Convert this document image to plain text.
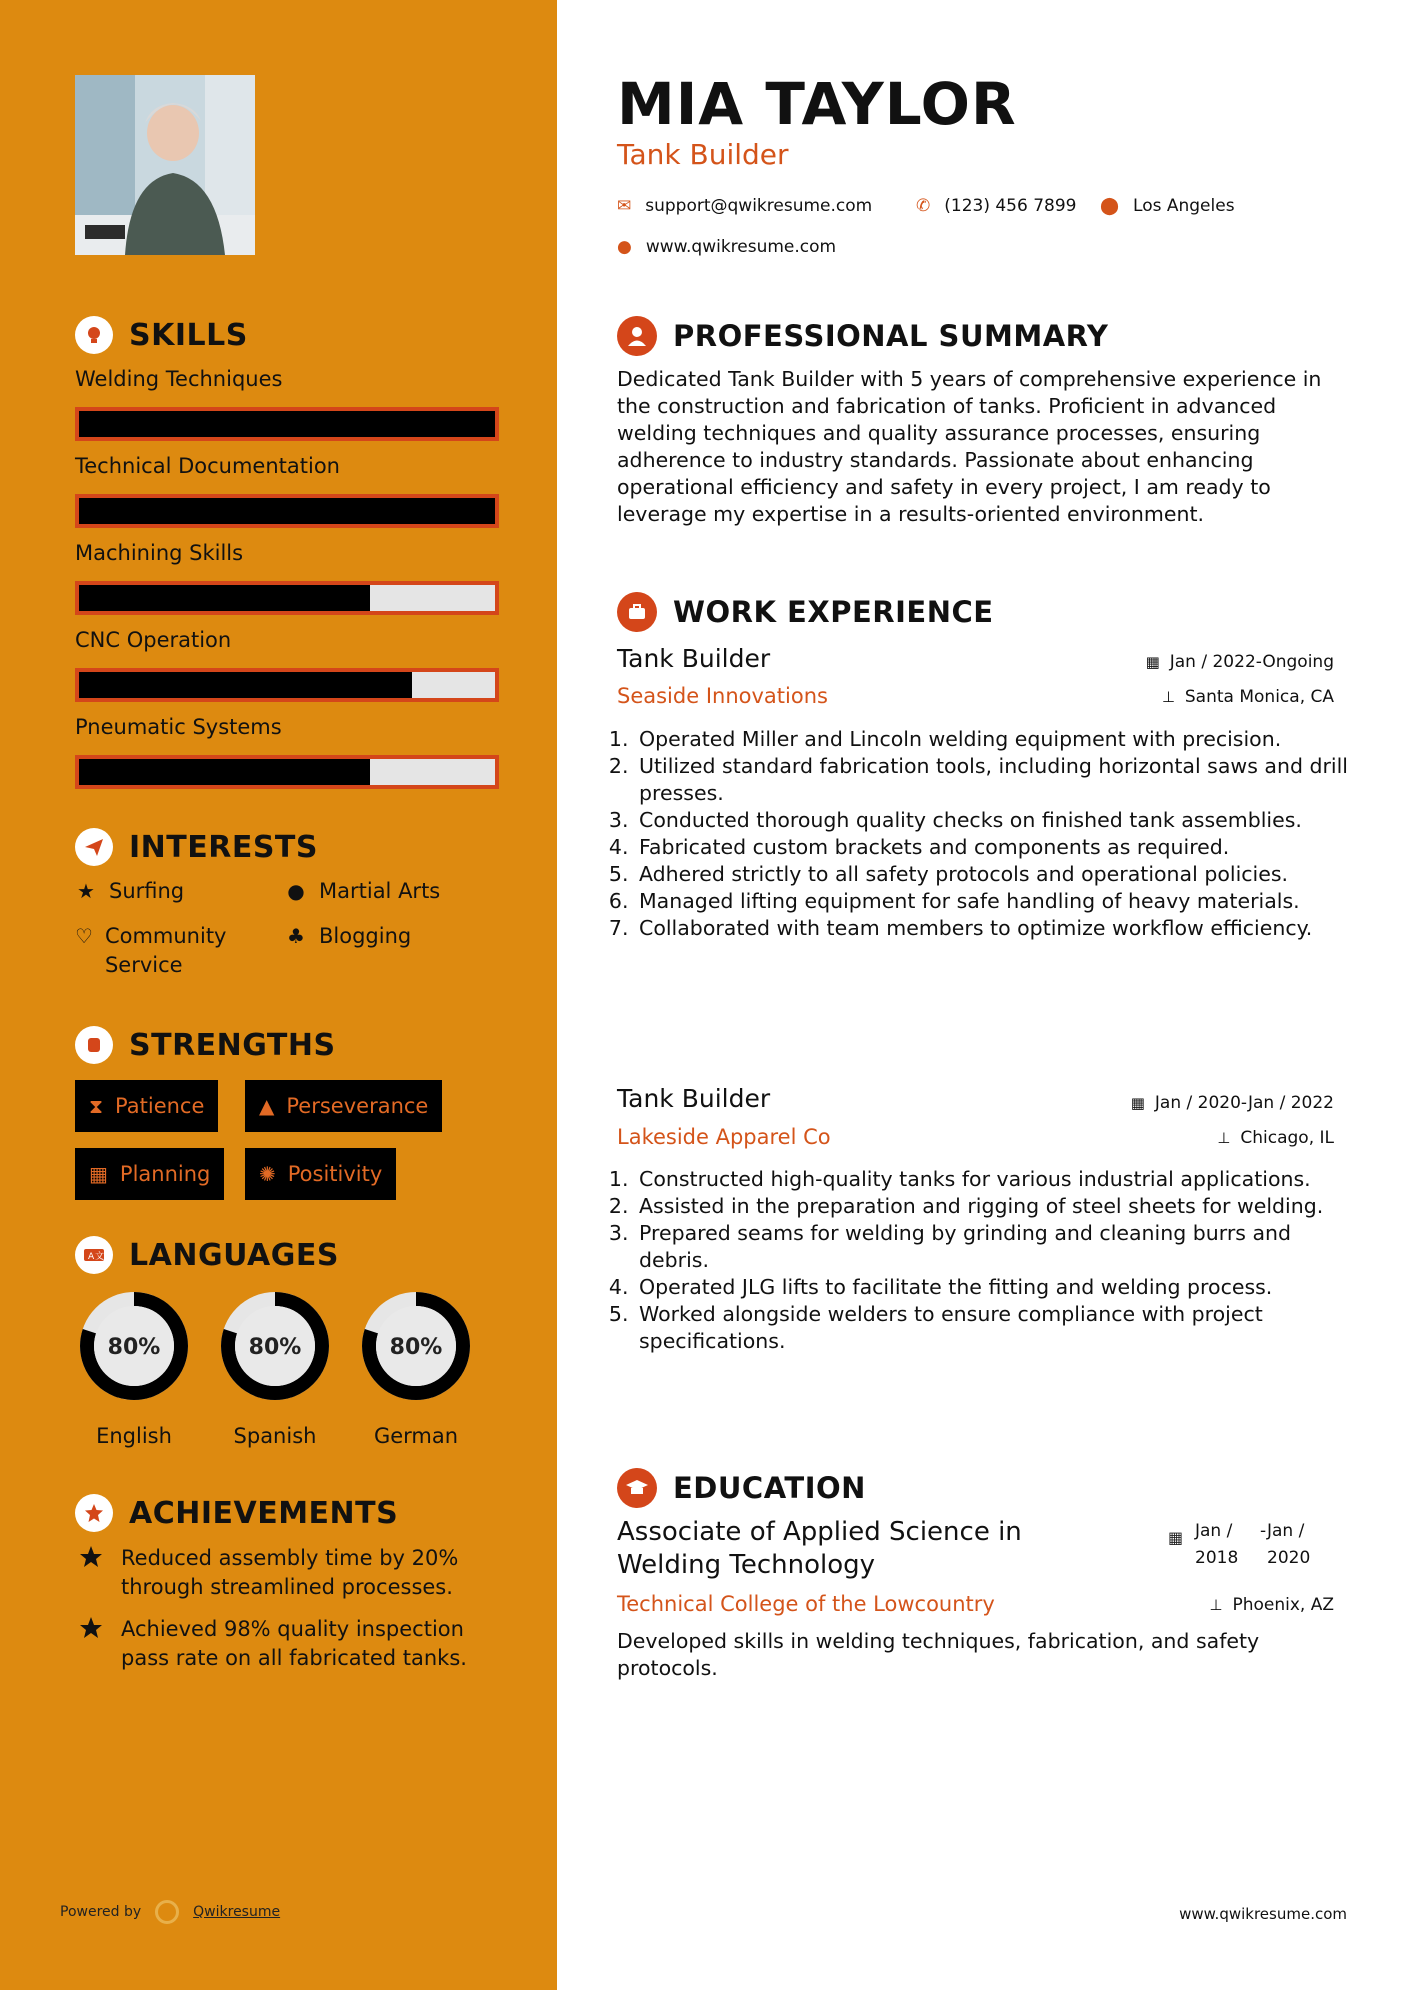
SKILLS
Welding Techniques
Technical Documentation
Machining Skills
CNC Operation
Pneumatic Systems
INTERESTS
★ Surfing	● Martial Arts
♡ Community Service
♣ Blogging
STRENGTHS
⧗ Patience	▲ Perseverance
▦ Planning ✺ Positivity
A 文 LANGUAGES
80%
English
80%
Spanish
80%
German
ACHIEVEMENTS
Reduced assembly time by 20% through streamlined processes.
Achieved 98% quality inspection pass rate on all fabricated tanks.
Powered by	Qwikresume
MIA TAYLOR
Tank Builder
✉ support@qwikresume.com	✆ (123) 456 7899 ⬤ Los Angeles
● www.qwikresume.com
PROFESSIONAL SUMMARY
Dedicated Tank Builder with 5 years of comprehensive experience in the construction and fabrication of tanks. Proficient in advanced welding techniques and quality assurance processes, ensuring adherence to industry standards. Passionate about enhancing operational efficiency and safety in every project, I am ready to leverage my expertise in a results-oriented environment.
WORK EXPERIENCE
Tank Builder	▦ Jan / 2022-Ongoing
Seaside Innovations	⊥ Santa Monica, CA
1. Operated Miller and Lincoln welding equipment with precision.
2. Utilized standard fabrication tools, including horizontal saws and drill presses.
3. Conducted thorough quality checks on finished tank assemblies.
4. Fabricated custom brackets and components as required.
5. Adhered strictly to all safety protocols and operational policies.
6. Managed lifting equipment for safe handling of heavy materials.
7. Collaborated with team members to optimize workflow efficiency.
Tank Builder	▦ Jan / 2020-Jan / 2022
Lakeside Apparel Co	⊥ Chicago, IL
1. Constructed high-quality tanks for various industrial applications.
2. Assisted in the preparation and rigging of steel sheets for welding.
3. Prepared seams for welding by grinding and cleaning burrs and debris.
4. Operated JLG lifts to facilitate the fitting and welding process.
5. Worked alongside welders to ensure compliance with project specifications.
EDUCATION
Associate of Applied Science in Welding Technology
▦ Jan / 2018
- Jan / 2020
Technical College of the Lowcountry	⊥ Phoenix, AZ
Developed skills in welding techniques, fabrication, and safety protocols.
www.qwikresume.com
